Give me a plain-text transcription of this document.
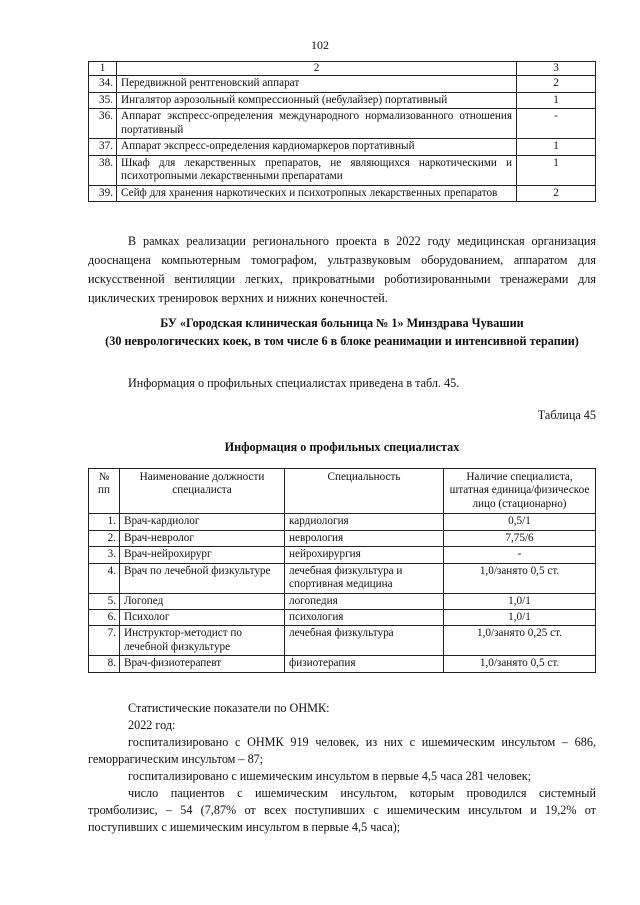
102
1	2	3
34.	Передвижной рентгеновский аппарат	2
35.	Ингалятор аэрозольный компрессионный (небулайзер) портативный	1
36.	Аппарат экспресс-определения международного нормализованного отношения портативный	-
37.	Аппарат экспресс-определения кардиомаркеров портативный	1
38.	Шкаф для лекарственных препаратов, не являющихся наркотическими и психотропными лекарственными препаратами	1
39.	Сейф для хранения наркотических и психотропных лекарственных препаратов	2
В рамках реализации регионального проекта в 2022 году медицинская организация дооснащена компьютерным томографом, ультразвуковым оборудованием, аппаратом для искусственной вентиляции легких, прикроватными роботизированными тренажерами для циклических тренировок верхних и нижних конечностей.
БУ «Городская клиническая больница № 1» Минздрава Чувашии
(30 неврологических коек, в том числе 6 в блоке реанимации и интенсивной терапии)
Информация о профильных специалистах приведена в табл. 45.
Таблица 45
Информация о профильных специалистах
№ пп	Наименование должности специалиста	Специальность	Наличие специалиста, штатная единица/физическое лицо (стационарно)
1.	Врач-кардиолог	кардиология	0,5/1
2.	Врач-невролог	неврология	7,75/6
3.	Врач-нейрохирург	нейрохирургия	-
4.	Врач по лечебной физкультуре	лечебная физкультура и спортивная медицина	1,0/занято 0,5 ст.
5.	Логопед	логопедия	1,0/1
6.	Психолог	психология	1,0/1
7.	Инструктор-методист по лечебной физкультуре	лечебная физкультура	1,0/занято 0,25 ст.
8.	Врач-физиотерапевт	физиотерапия	1,0/занято 0,5 ст.
Статистические показатели по ОНМК:
2022 год:
госпитализировано с ОНМК 919 человек, из них с ишемическим инсультом – 686, геморрагическим инсультом – 87;
госпитализировано с ишемическим инсультом в первые 4,5 часа 281 человек;
число пациентов с ишемическим инсультом, которым проводился системный тромболизис, – 54 (7,87% от всех поступивших с ишемическим инсультом и 19,2% от поступивших с ишемическим инсультом в первые 4,5 часа);
